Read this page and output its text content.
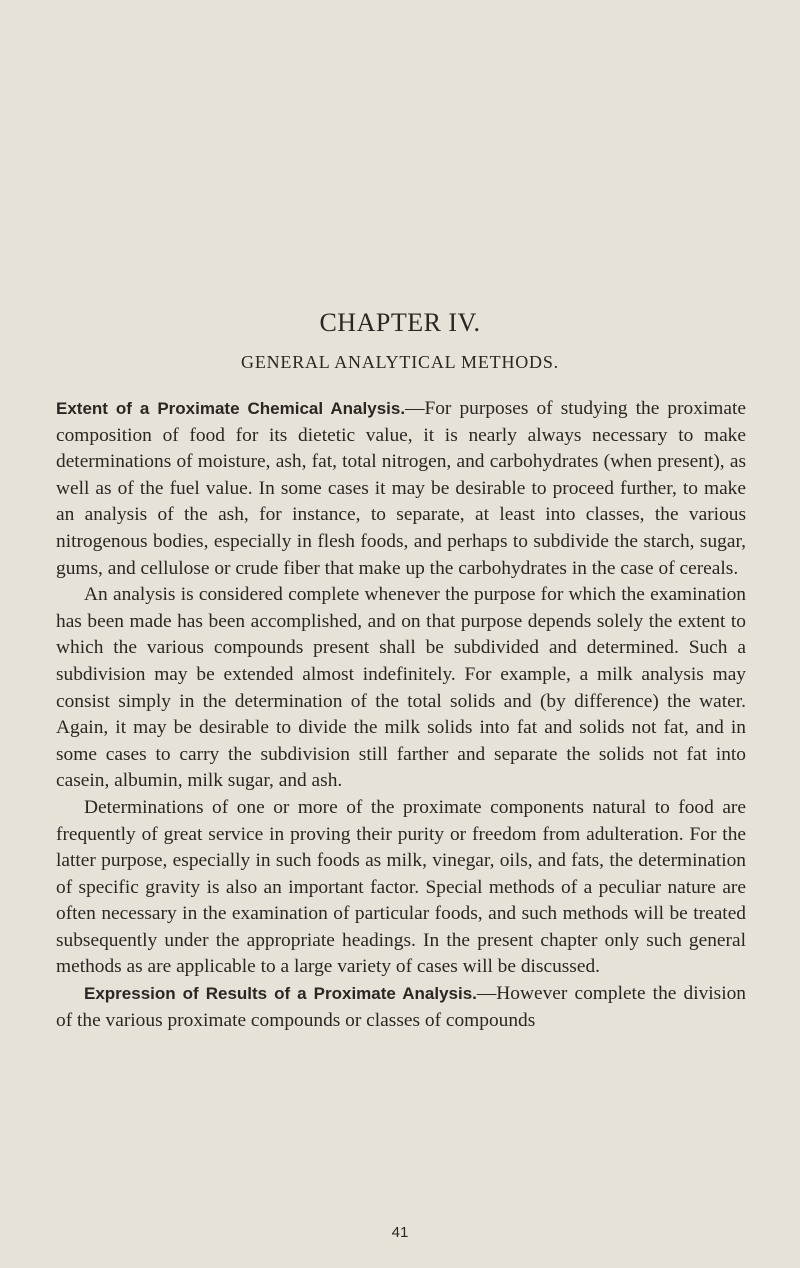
CHAPTER IV.
GENERAL ANALYTICAL METHODS.

Extent of a Proximate Chemical Analysis.—For purposes of studying the proximate composition of food for its dietetic value, it is nearly always necessary to make determinations of moisture, ash, fat, total nitrogen, and carbohydrates (when present), as well as of the fuel value. In some cases it may be desirable to proceed further, to make an analysis of the ash, for instance, to separate, at least into classes, the various nitrogenous bodies, especially in flesh foods, and perhaps to subdivide the starch, sugar, gums, and cellulose or crude fiber that make up the carbohydrates in the case of cereals.

An analysis is considered complete whenever the purpose for which the examination has been made has been accomplished, and on that purpose depends solely the extent to which the various compounds present shall be subdivided and determined. Such a subdivision may be extended almost indefinitely. For example, a milk analysis may consist simply in the determination of the total solids and (by difference) the water. Again, it may be desirable to divide the milk solids into fat and solids not fat, and in some cases to carry the subdivision still farther and separate the solids not fat into casein, albumin, milk sugar, and ash.

Determinations of one or more of the proximate components natural to food are frequently of great service in proving their purity or freedom from adulteration. For the latter purpose, especially in such foods as milk, vinegar, oils, and fats, the determination of specific gravity is also an important factor. Special methods of a peculiar nature are often necessary in the examination of particular foods, and such methods will be treated subsequently under the appropriate headings. In the present chapter only such general methods as are applicable to a large variety of cases will be discussed.

Expression of Results of a Proximate Analysis.—However complete the division of the various proximate compounds or classes of compounds

41
